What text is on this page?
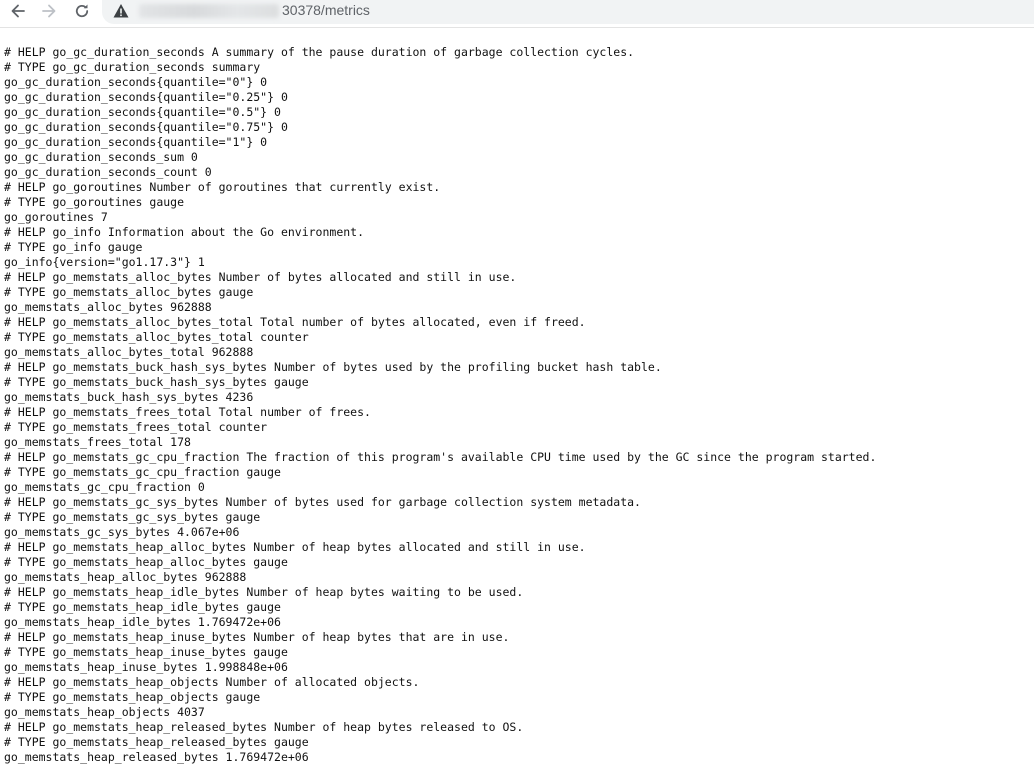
30378/metrics
# HELP go_gc_duration_seconds A summary of the pause duration of garbage collection cycles.
# TYPE go_gc_duration_seconds summary
go_gc_duration_seconds{quantile="0"} 0
go_gc_duration_seconds{quantile="0.25"} 0
go_gc_duration_seconds{quantile="0.5"} 0
go_gc_duration_seconds{quantile="0.75"} 0
go_gc_duration_seconds{quantile="1"} 0
go_gc_duration_seconds_sum 0
go_gc_duration_seconds_count 0
# HELP go_goroutines Number of goroutines that currently exist.
# TYPE go_goroutines gauge
go_goroutines 7
# HELP go_info Information about the Go environment.
# TYPE go_info gauge
go_info{version="go1.17.3"} 1
# HELP go_memstats_alloc_bytes Number of bytes allocated and still in use.
# TYPE go_memstats_alloc_bytes gauge
go_memstats_alloc_bytes 962888
# HELP go_memstats_alloc_bytes_total Total number of bytes allocated, even if freed.
# TYPE go_memstats_alloc_bytes_total counter
go_memstats_alloc_bytes_total 962888
# HELP go_memstats_buck_hash_sys_bytes Number of bytes used by the profiling bucket hash table.
# TYPE go_memstats_buck_hash_sys_bytes gauge
go_memstats_buck_hash_sys_bytes 4236
# HELP go_memstats_frees_total Total number of frees.
# TYPE go_memstats_frees_total counter
go_memstats_frees_total 178
# HELP go_memstats_gc_cpu_fraction The fraction of this program's available CPU time used by the GC since the program started.
# TYPE go_memstats_gc_cpu_fraction gauge
go_memstats_gc_cpu_fraction 0
# HELP go_memstats_gc_sys_bytes Number of bytes used for garbage collection system metadata.
# TYPE go_memstats_gc_sys_bytes gauge
go_memstats_gc_sys_bytes 4.067e+06
# HELP go_memstats_heap_alloc_bytes Number of heap bytes allocated and still in use.
# TYPE go_memstats_heap_alloc_bytes gauge
go_memstats_heap_alloc_bytes 962888
# HELP go_memstats_heap_idle_bytes Number of heap bytes waiting to be used.
# TYPE go_memstats_heap_idle_bytes gauge
go_memstats_heap_idle_bytes 1.769472e+06
# HELP go_memstats_heap_inuse_bytes Number of heap bytes that are in use.
# TYPE go_memstats_heap_inuse_bytes gauge
go_memstats_heap_inuse_bytes 1.998848e+06
# HELP go_memstats_heap_objects Number of allocated objects.
# TYPE go_memstats_heap_objects gauge
go_memstats_heap_objects 4037
# HELP go_memstats_heap_released_bytes Number of heap bytes released to OS.
# TYPE go_memstats_heap_released_bytes gauge
go_memstats_heap_released_bytes 1.769472e+06
